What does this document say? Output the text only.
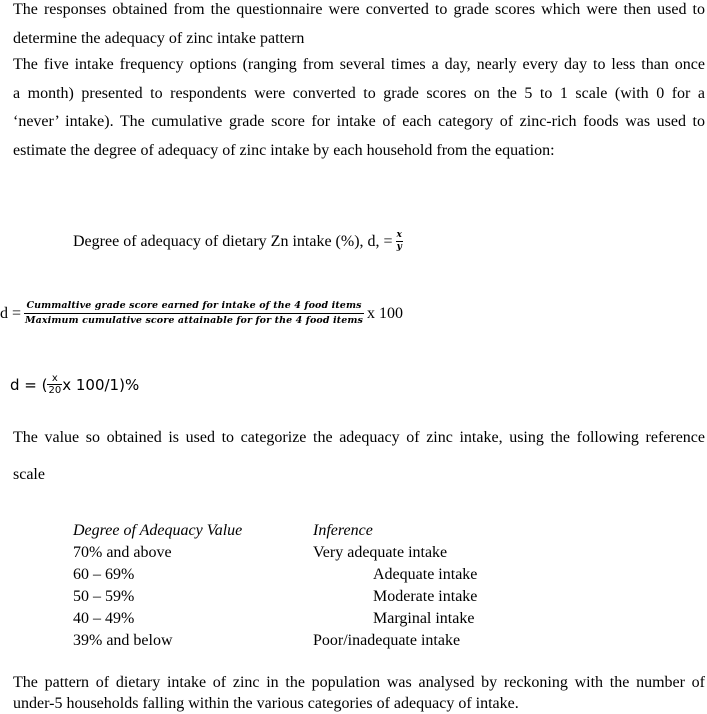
The responses obtained from the questionnaire were converted to grade scores which were then used to
determine the adequacy of zinc intake pattern
The five intake frequency options (ranging from several times a day, nearly every day to less than once
a month) presented to respondents were converted to grade scores on the 5 to 1 scale (with 0 for a
‘never’ intake). The cumulative grade score for intake of each category of zinc-rich foods was used to
estimate the degree of adequacy of zinc intake by each household from the equation:
Degree of adequacy of dietary Zn intake (%), d, = $\frac{x}{y}$
$d = \frac{\text{Cummaltive grade score earned for intake of the 4 food items}}{\text{Maximum cumulative score attainable for for the 4 food items}}$ x 100
d = ( $\frac{x}{20}$ x 100/1)%
The value so obtained is used to categorize the adequacy of zinc intake, using the following reference
scale
Degree of Adequacy Value	Inference
70% and above	Very adequate intake
60 – 69%	Adequate intake
50 – 59%	Moderate intake
40 – 49%	Marginal intake
39% and below	Poor/inadequate intake
The pattern of dietary intake of zinc in the population was analysed by reckoning with the number of
under-5 households falling within the various categories of adequacy of intake.
